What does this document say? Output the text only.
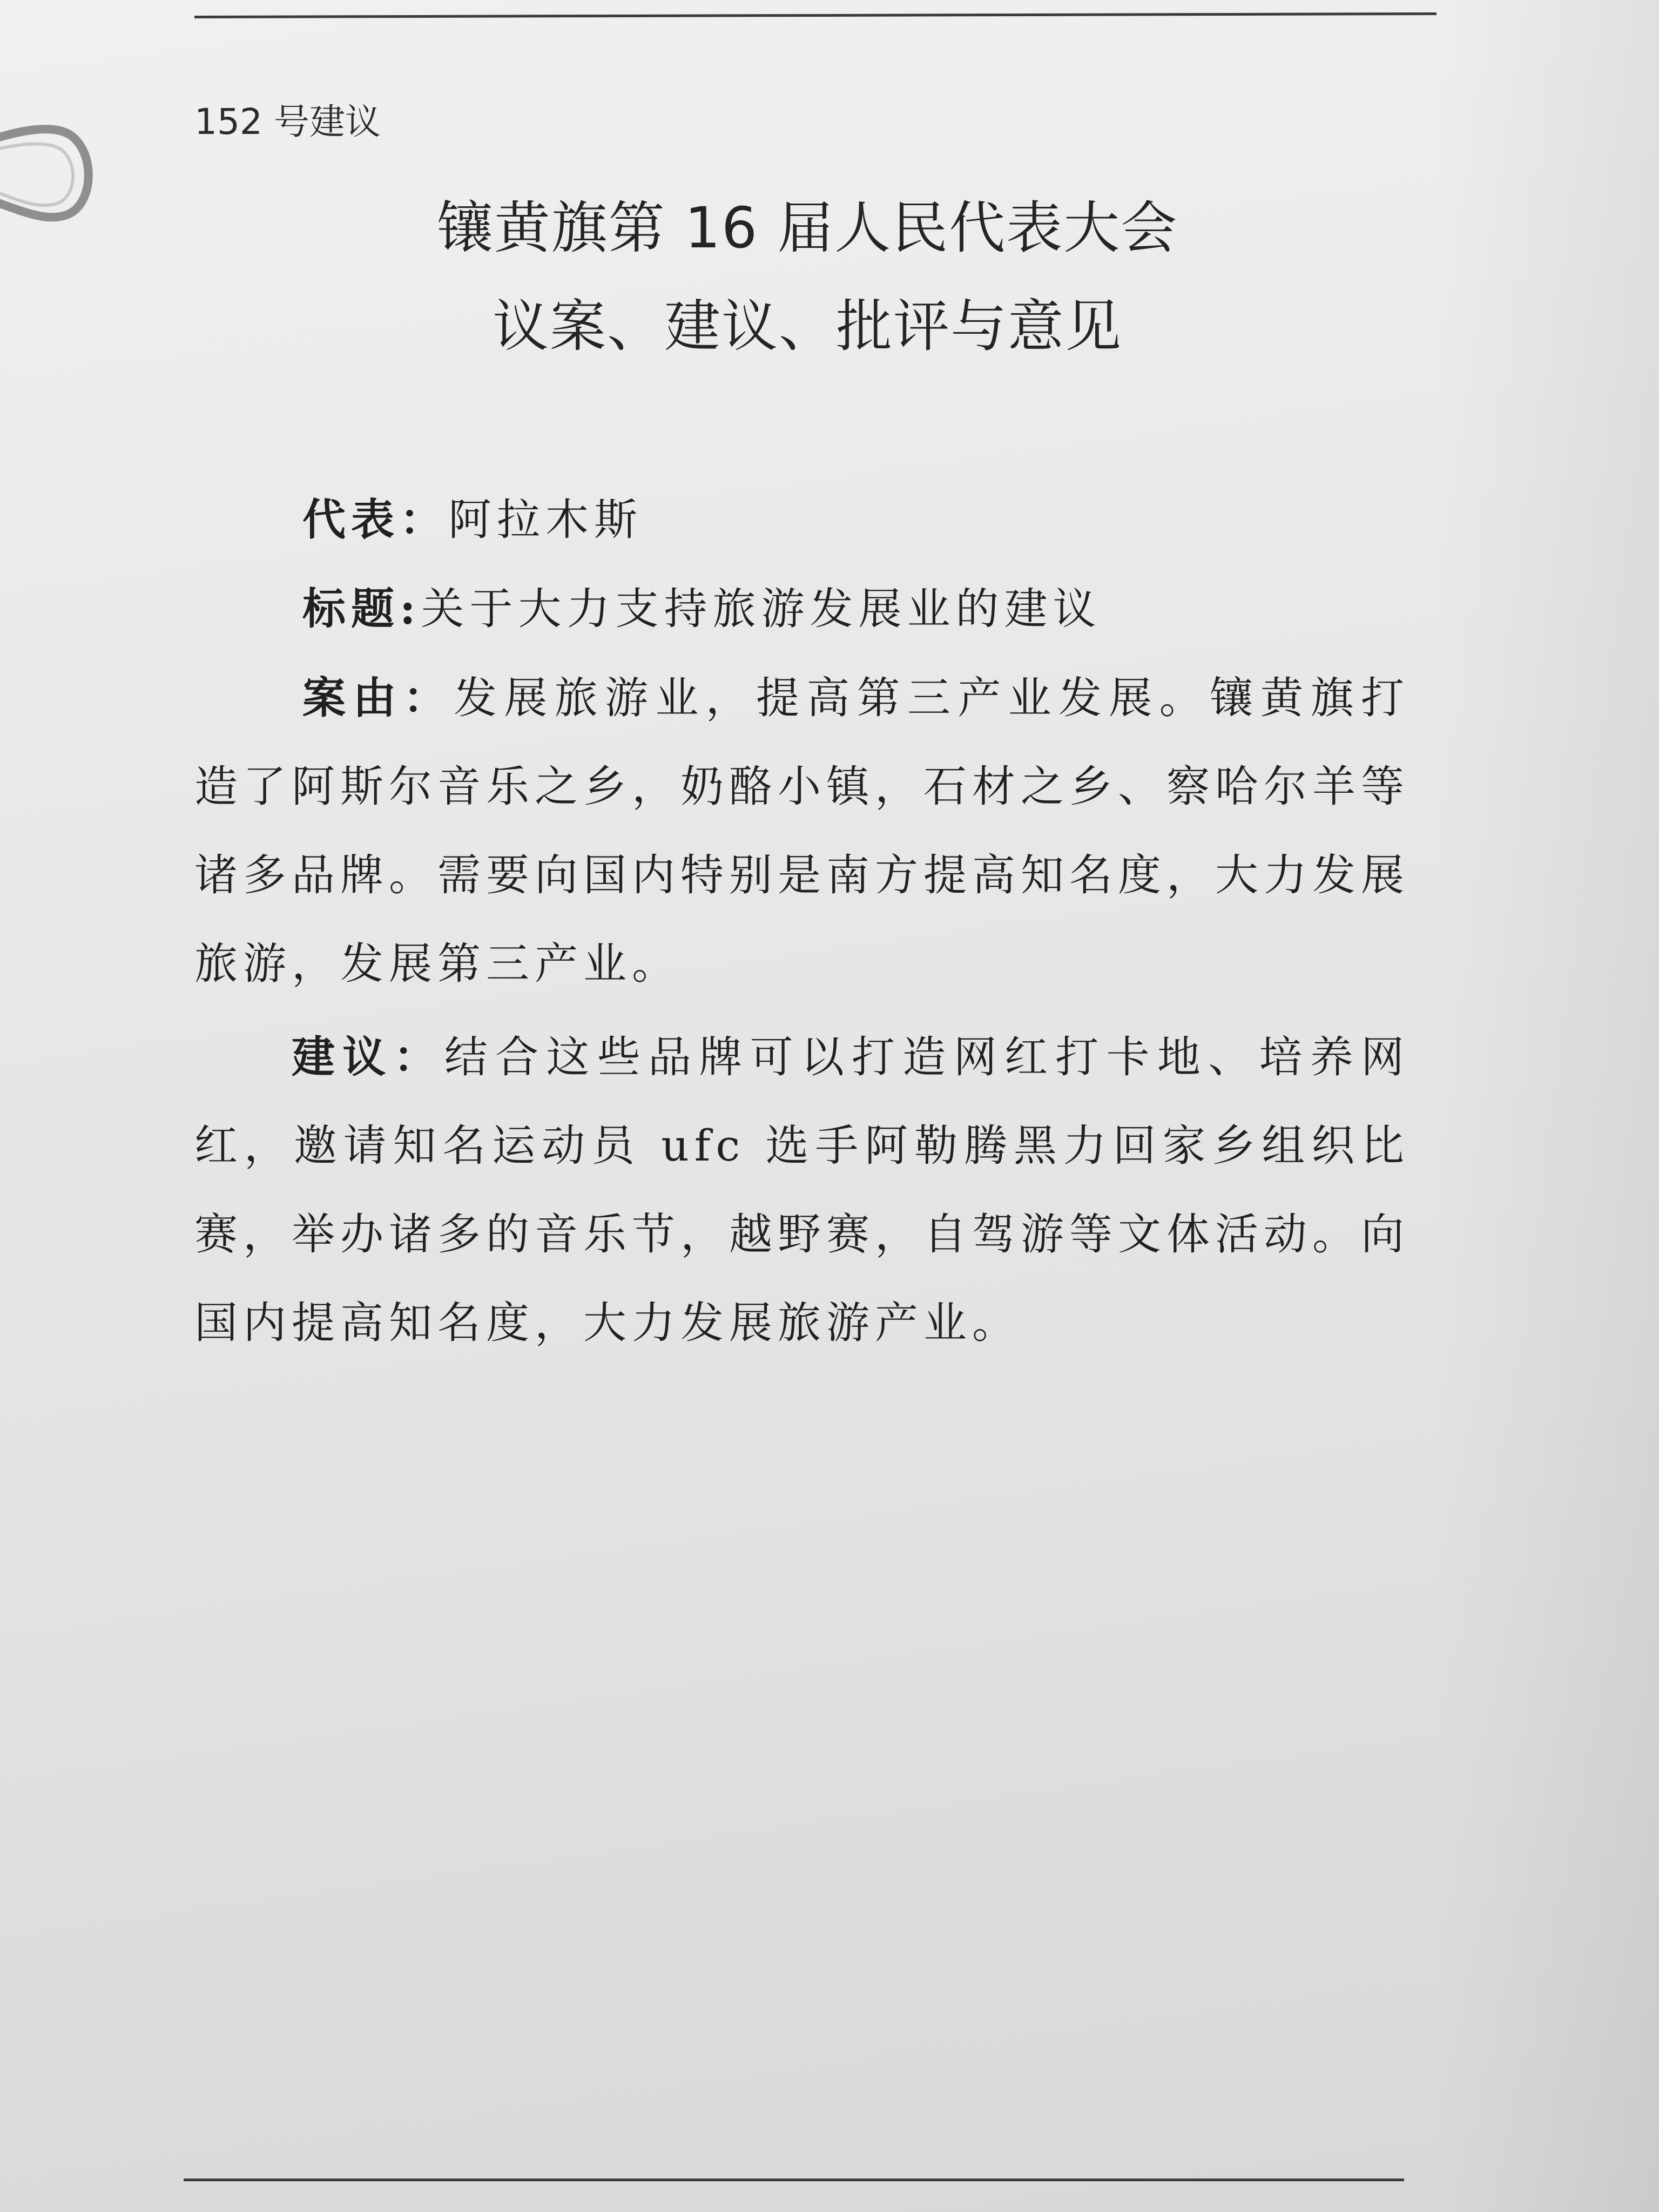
152 号建议
镶黄旗第 16 届人民代表大会
议案、建议、批评与意见

代表：阿拉木斯

标题:关于大力支持旅游发展业的建议

案由：发展旅游业，提高第三产业发展。镶黄旗打造了阿斯尔音乐之乡，奶酪小镇，石材之乡、察哈尔羊等诸多品牌。需要向国内特别是南方提高知名度，大力发展旅游，发展第三产业。

建议：结合这些品牌可以打造网红打卡地、培养网红，邀请知名运动员 ufc 选手阿勒腾黑力回家乡组织比赛，举办诸多的音乐节，越野赛，自驾游等文体活动。向国内提高知名度，大力发展旅游产业。
